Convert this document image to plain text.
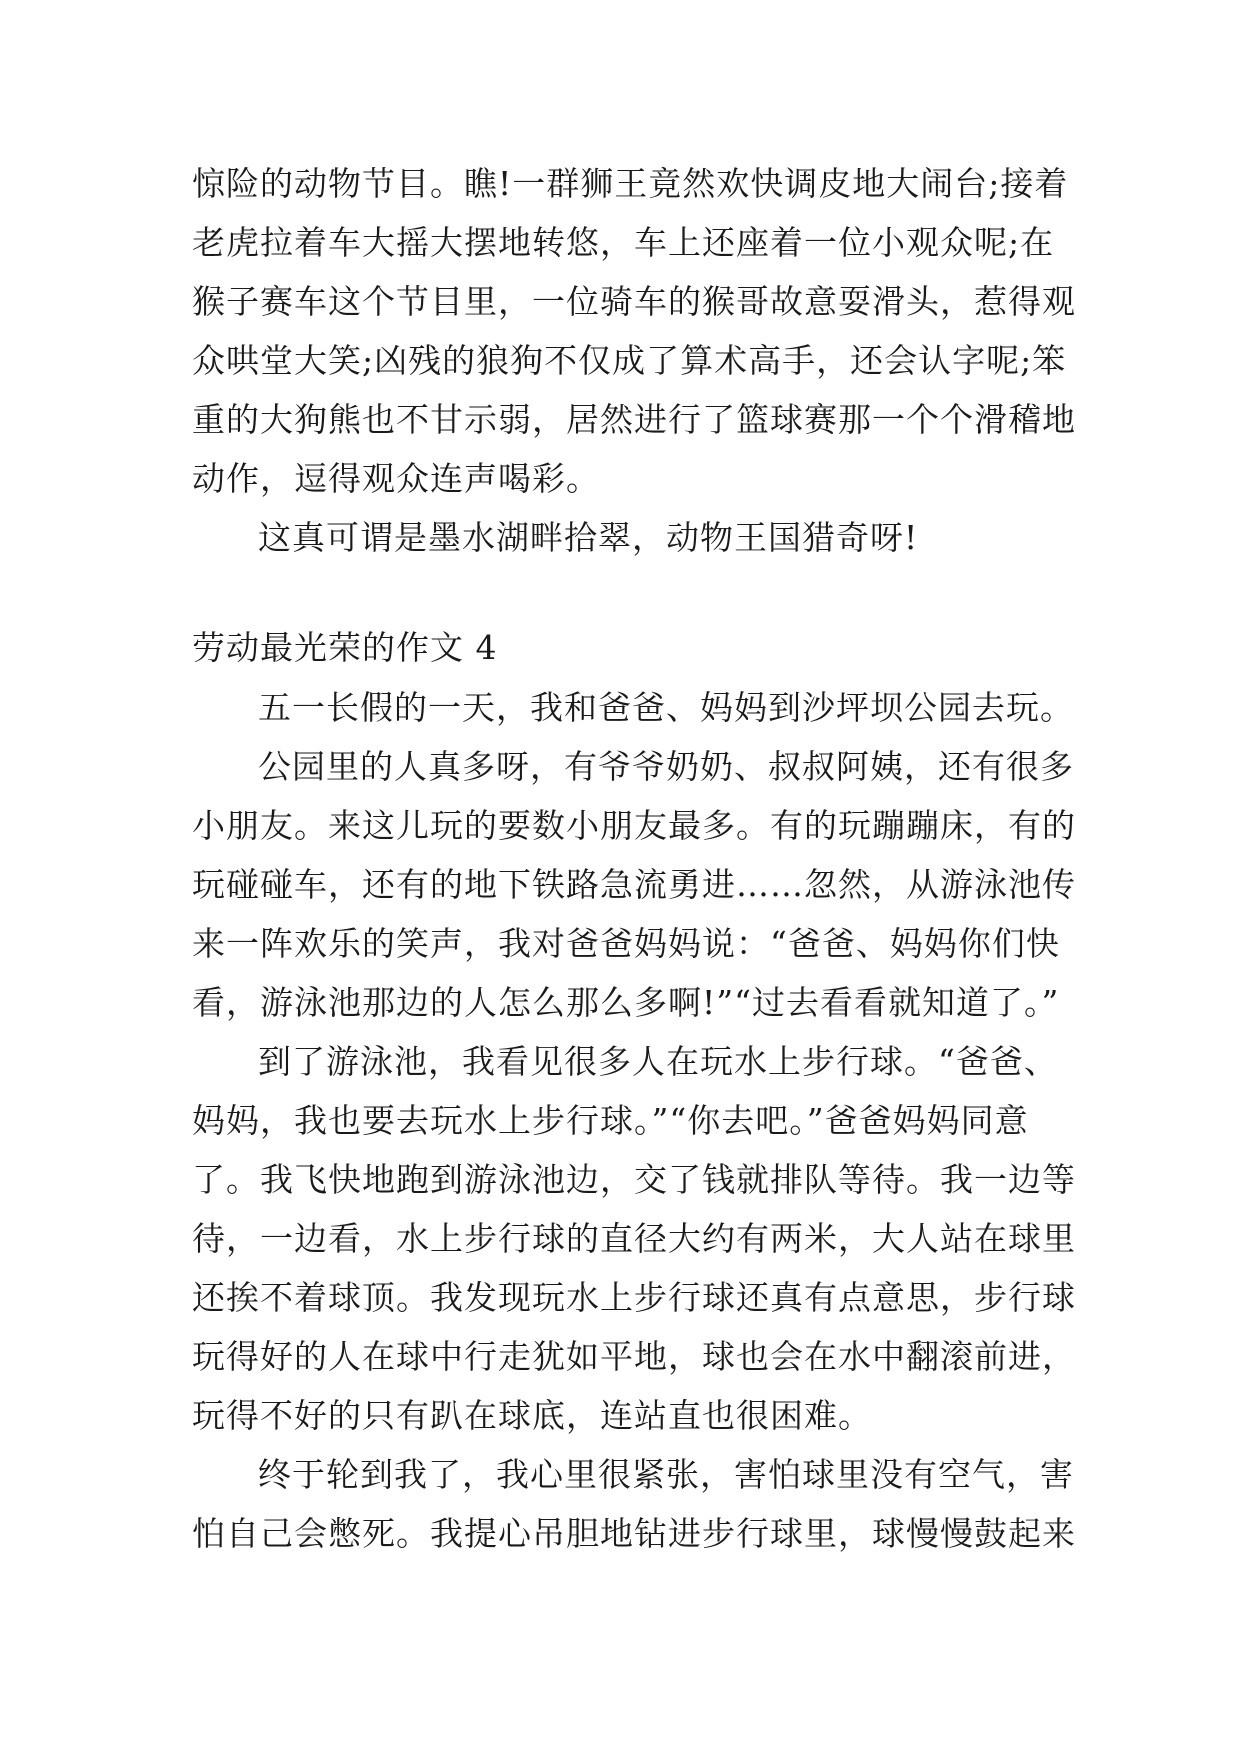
惊险的动物节目。瞧!一群狮王竟然欢快调皮地大闹台;接着
老虎拉着车大摇大摆地转悠，车上还座着一位小观众呢;在
猴子赛车这个节目里，一位骑车的猴哥故意耍滑头，惹得观
众哄堂大笑;凶残的狼狗不仅成了算术高手，还会认字呢;笨
重的大狗熊也不甘示弱，居然进行了篮球赛那一个个滑稽地
动作，逗得观众连声喝彩。
这真可谓是墨水湖畔拾翠，动物王国猎奇呀!
劳动最光荣的作文 4
五一长假的一天，我和爸爸、妈妈到沙坪坝公园去玩。
公园里的人真多呀，有爷爷奶奶、叔叔阿姨，还有很多
小朋友。来这儿玩的要数小朋友最多。有的玩蹦蹦床，有的
玩碰碰车，还有的地下铁路急流勇进……忽然，从游泳池传
来一阵欢乐的笑声，我对爸爸妈妈说：“爸爸、妈妈你们快
看，游泳池那边的人怎么那么多啊!”“过去看看就知道了。”
到了游泳池，我看见很多人在玩水上步行球。“爸爸、
妈妈，我也要去玩水上步行球。”“你去吧。”爸爸妈妈同意
了。我飞快地跑到游泳池边，交了钱就排队等待。我一边等
待，一边看，水上步行球的直径大约有两米，大人站在球里
还挨不着球顶。我发现玩水上步行球还真有点意思，步行球
玩得好的人在球中行走犹如平地，球也会在水中翻滚前进，
玩得不好的只有趴在球底，连站直也很困难。
终于轮到我了，我心里很紧张，害怕球里没有空气，害
怕自己会憋死。我提心吊胆地钻进步行球里，球慢慢鼓起来
